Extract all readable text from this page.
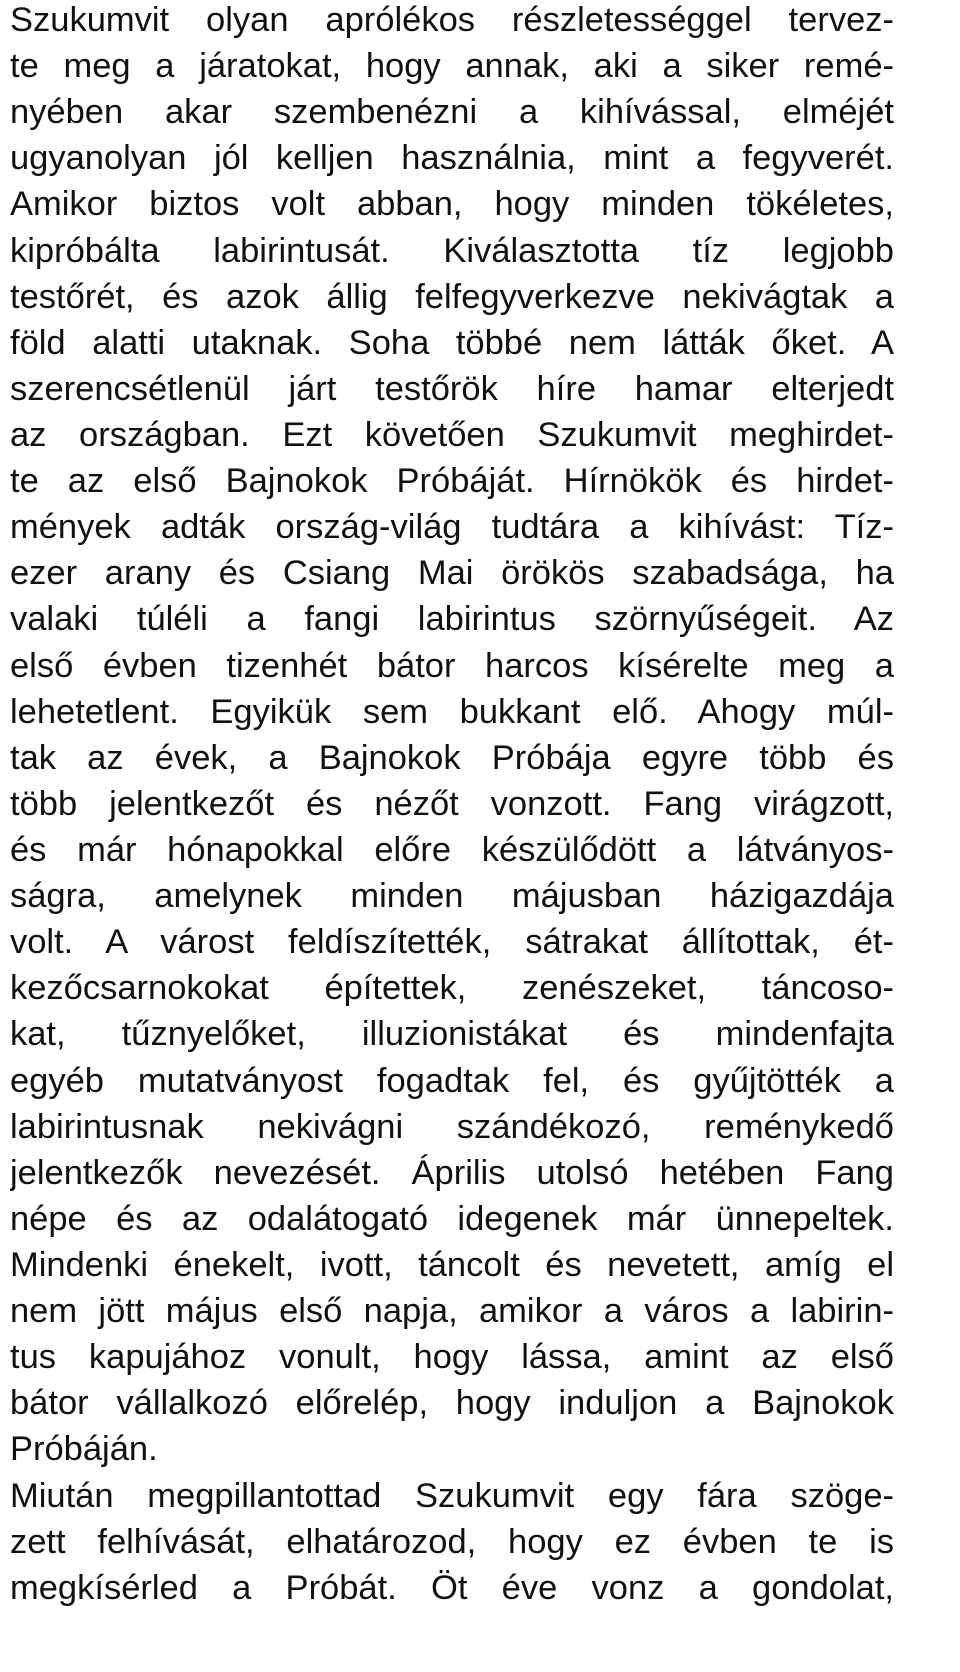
Szukumvit olyan aprólékos részletességgel tervez-
te meg a járatokat, hogy annak, aki a siker remé-
nyében akar szembenézni a kihívással, elméjét
ugyanolyan jól kelljen használnia, mint a fegyverét.
Amikor biztos volt abban, hogy minden tökéletes,
kipróbálta labirintusát. Kiválasztotta tíz legjobb
testőrét, és azok állig felfegyverkezve nekivágtak a
föld alatti utaknak. Soha többé nem látták őket. A
szerencsétlenül járt testőrök híre hamar elterjedt
az országban. Ezt követően Szukumvit meghirdet-
te az első Bajnokok Próbáját. Hírnökök és hirdet-
mények adták ország-világ tudtára a kihívást: Tíz-
ezer arany és Csiang Mai örökös szabadsága, ha
valaki túléli a fangi labirintus szörnyűségeit. Az
első évben tizenhét bátor harcos kísérelte meg a
lehetetlent. Egyikük sem bukkant elő. Ahogy múl-
tak az évek, a Bajnokok Próbája egyre több és
több jelentkezőt és nézőt vonzott. Fang virágzott,
és már hónapokkal előre készülődött a látványos-
ságra, amelynek minden májusban házigazdája
volt. A várost feldíszítették, sátrakat állítottak, ét-
kezőcsarnokokat építettek, zenészeket, táncoso-
kat, tűznyelőket, illuzionistákat és mindenfajta
egyéb mutatványost fogadtak fel, és gyűjtötték a
labirintusnak nekivágni szándékozó, reménykedő
jelentkezők nevezését. Április utolsó hetében Fang
népe és az odalátogató idegenek már ünnepeltek.
Mindenki énekelt, ivott, táncolt és nevetett, amíg el
nem jött május első napja, amikor a város a labirin-
tus kapujához vonult, hogy lássa, amint az első
bátor vállalkozó előrelép, hogy induljon a Bajnokok
Próbáján.
Miután megpillantottad Szukumvit egy fára szöge-
zett felhívását, elhatározod, hogy ez évben te is
megkísérled a Próbát. Öt éve vonz a gondolat,
